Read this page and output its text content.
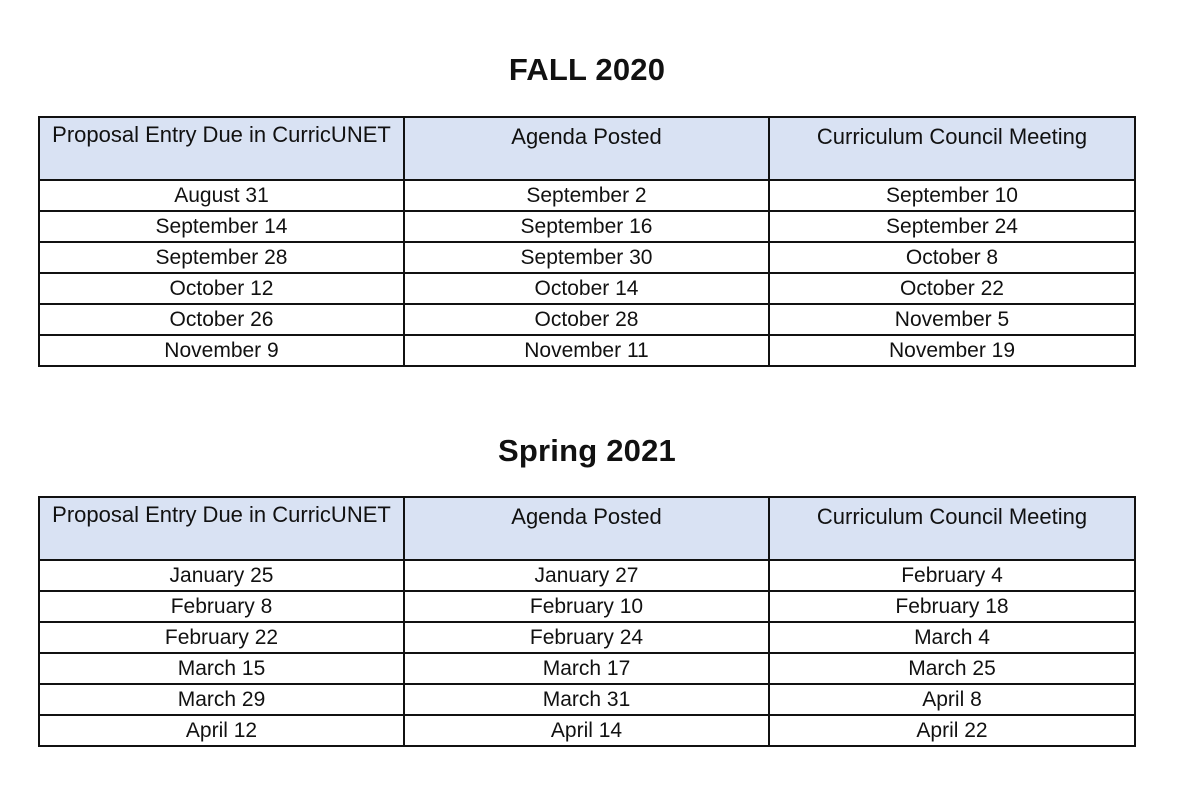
FALL 2020
Proposal Entry Due in CurricUNET	Agenda Posted	Curriculum Council Meeting

August 31	September 2	September 10
September 14	September 16	September 24
September 28	September 30	October 8
October 12	October 14	October 22
October 26	October 28	November 5
November 9	November 11	November 19
Spring 2021
Proposal Entry Due in CurricUNET	Agenda Posted	Curriculum Council Meeting

January 25	January 27	February 4
February 8	February 10	February 18
February 22	February 24	March 4
March 15	March 17	March 25
March 29	March 31	April 8
April 12	April 14	April 22
